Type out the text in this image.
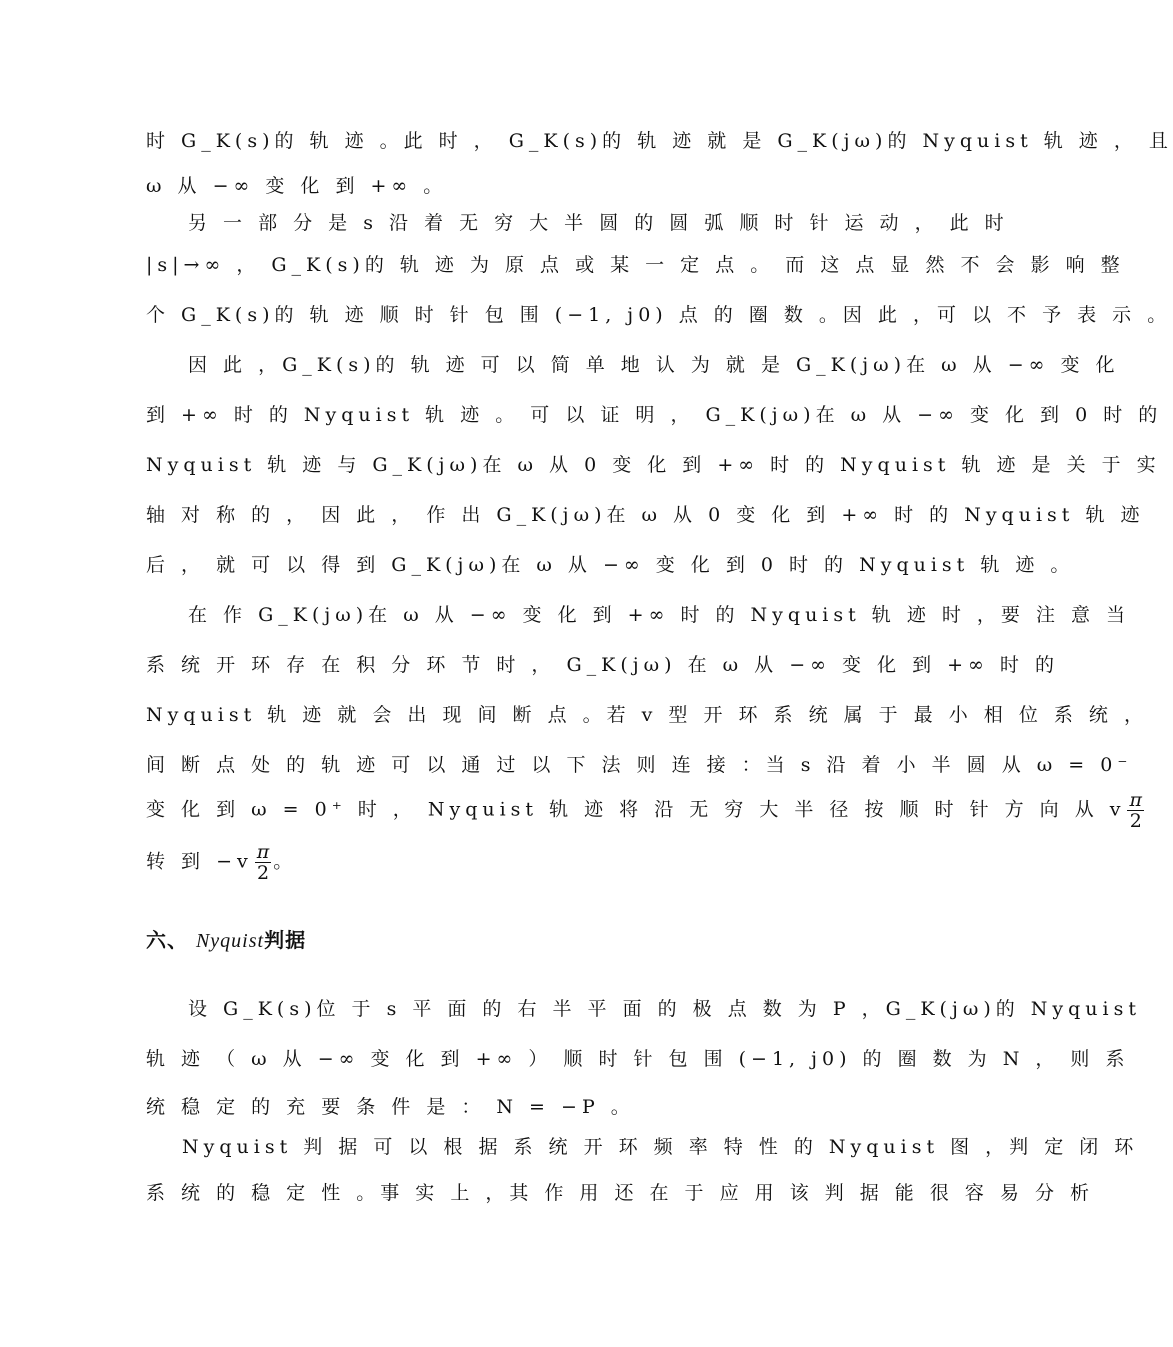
时 G_K(s)的 轨 迹 。此 时 ， G_K(s)的 轨 迹 就 是 G_K(jω)的 Nyquist 轨 迹 ， 且
ω 从 −∞ 变 化 到 +∞ 。
另 一 部 分 是 s 沿 着 无 穷 大 半 圆 的 圆 弧 顺 时 针 运 动 ， 此 时
|s|→∞ ， G_K(s)的 轨 迹 为 原 点 或 某 一 定 点 。 而 这 点 显 然 不 会 影 响 整
个 G_K(s)的 轨 迹 顺 时 针 包 围 (−1, j0) 点 的 圈 数 。因 此 ，可 以 不 予 表 示 。
因 此 ，G_K(s)的 轨 迹 可 以 简 单 地 认 为 就 是 G_K(jω)在 ω 从 −∞ 变 化
到 +∞ 时 的 Nyquist 轨 迹 。 可 以 证 明 ， G_K(jω)在 ω 从 −∞ 变 化 到 0 时 的
Nyquist 轨 迹 与 G_K(jω)在 ω 从 0 变 化 到 +∞ 时 的 Nyquist 轨 迹 是 关 于 实
轴 对 称 的 ， 因 此 ， 作 出 G_K(jω)在 ω 从 0 变 化 到 +∞ 时 的 Nyquist 轨 迹
后 ， 就 可 以 得 到 G_K(jω)在 ω 从 −∞ 变 化 到 0 时 的 Nyquist 轨 迹 。
在 作 G_K(jω)在 ω 从 −∞ 变 化 到 +∞ 时 的 Nyquist 轨 迹 时 ，要 注 意 当
系 统 开 环 存 在 积 分 环 节 时 ， G_K(jω) 在 ω 从 −∞ 变 化 到 +∞ 时 的
Nyquist 轨 迹 就 会 出 现 间 断 点 。若 v 型 开 环 系 统 属 于 最 小 相 位 系 统 ，
间 断 点 处 的 轨 迹 可 以 通 过 以 下 法 则 连 接 ：当 s 沿 着 小 半 圆 从 ω = 0⁻
变 化 到 ω = 0⁺ 时 ， Nyquist 轨 迹 将 沿 无 穷 大 半 径 按 顺 时 针 方 向 从 v $\frac{\pi}{2}$
转 到 $-v \frac{\pi}{2}$ 。
六、 Nyquist判据
设 G_K(s)位 于 s 平 面 的 右 半 平 面 的 极 点 数 为 P ，G_K(jω)的 Nyquist
轨 迹 （ ω 从 −∞ 变 化 到 +∞ ） 顺 时 针 包 围 (−1, j0) 的 圈 数 为 N ， 则 系
统 稳 定 的 充 要 条 件 是 ： N = −P 。
Nyquist 判 据 可 以 根 据 系 统 开 环 频 率 特 性 的 Nyquist 图 ，判 定 闭 环
系 统 的 稳 定 性 。事 实 上 ，其 作 用 还 在 于 应 用 该 判 据 能 很 容 易 分 析
